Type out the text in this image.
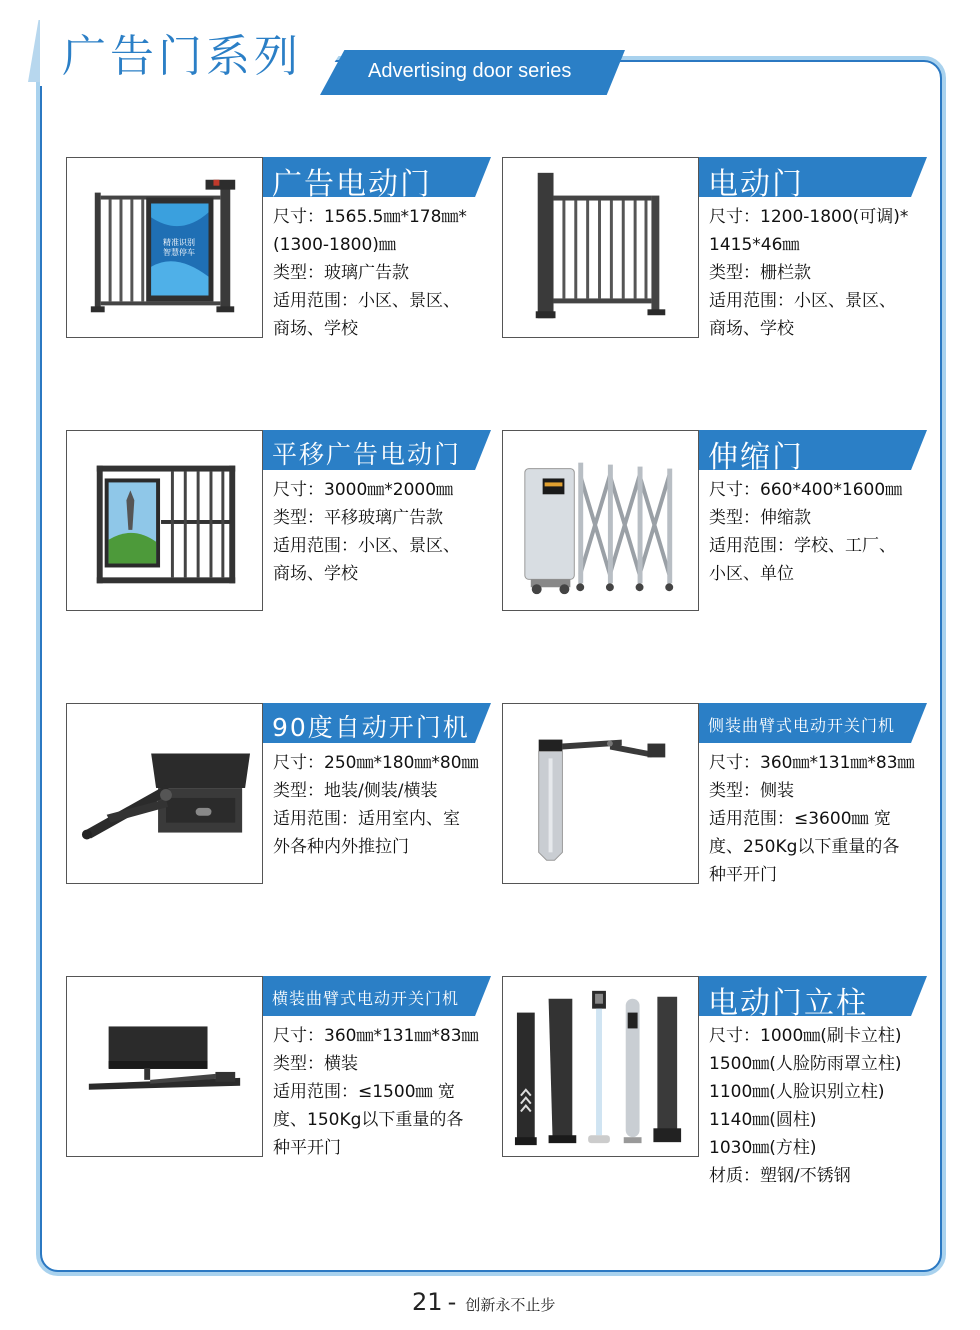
广告门系列	Advertising door series
精准识别
智慧停车
广告电动门
尺寸：1565.5㎜*178㎜*
(1300-1800)㎜
类型：玻璃广告款
适用范围：小区、景区、
商场、学校
电动门
尺寸：1200-1800(可调)*
1415*46㎜
类型：栅栏款
适用范围：小区、景区、
商场、学校
平移广告电动门
尺寸：3000㎜*2000㎜
类型：平移玻璃广告款
适用范围：小区、景区、
商场、学校
伸缩门
尺寸：660*400*1600㎜
类型：伸缩款
适用范围：学校、工厂、
小区、单位
90度自动开门机
尺寸：250㎜*180㎜*80㎜
类型：地装/侧装/横装
适用范围：适用室内、室
外各种内外推拉门
侧装曲臂式电动开关门机
尺寸：360㎜*131㎜*83㎜
类型：侧装
适用范围：≤3600㎜ 宽
度、250Kg以下重量的各
种平开门
横装曲臂式电动开关门机
尺寸：360㎜*131㎜*83㎜
类型：横装
适用范围：≤1500㎜ 宽
度、150Kg以下重量的各
种平开门
电动门立柱
尺寸：1000㎜(刷卡立柱)
1500㎜(人脸防雨罩立柱)
1100㎜(人脸识别立柱)
1140㎜(圆柱)
1030㎜(方柱)
材质：塑钢/不锈钢
21 - 创新永不止步
